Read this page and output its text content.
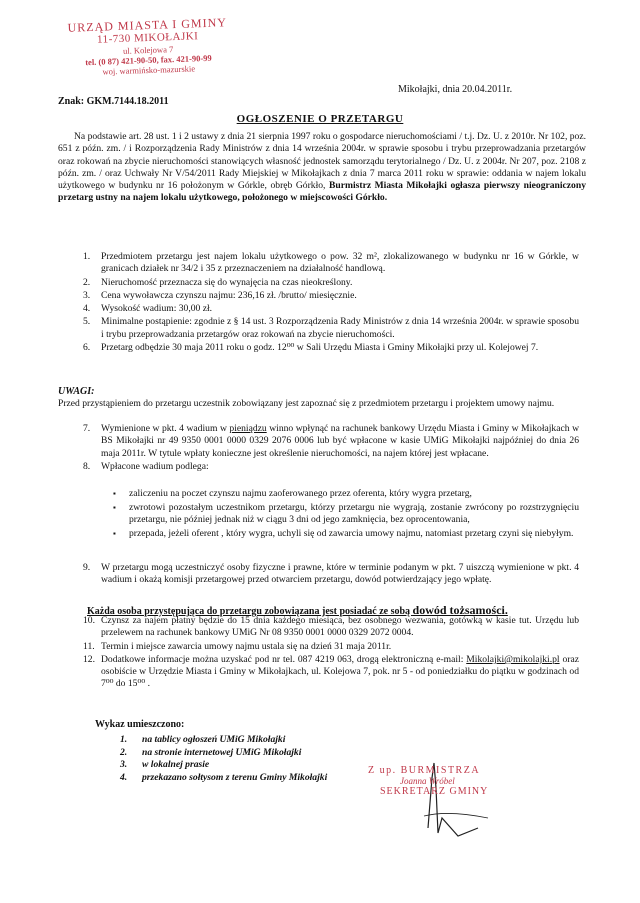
URZĄD MIASTA I GMINY
11-730 MIKOŁAJKI
ul. Kolejowa 7
tel. (0 87) 421-90-50, fax. 421-90-99
woj. warmińsko-mazurskie
Mikołajki, dnia 20.04.2011r.
Znak: GKM.7144.18.2011
OGŁOSZENIE O PRZETARGU
Na podstawie art. 28 ust. 1 i 2 ustawy z dnia 21 sierpnia 1997 roku o gospodarce nieruchomościami / t.j. Dz. U. z 2010r. Nr 102, poz. 651 z późn. zm. / i Rozporządzenia Rady Ministrów z dnia 14 września 2004r. w sprawie sposobu i trybu przeprowadzania przetargów oraz rokowań na zbycie nieruchomości stanowiących własność jednostek samorządu terytorialnego / Dz. U. z 2004r. Nr 207, poz. 2108 z późn. zm. / oraz Uchwały Nr V/54/2011 Rady Miejskiej w Mikołajkach z dnia 7 marca 2011 roku w sprawie: oddania w najem lokalu użytkowego w budynku nr 16 położonym w Górkle, obręb Górkło, Burmistrz Miasta Mikołajki ogłasza pierwszy nieograniczony przetarg ustny na najem lokalu użytkowego, położonego w miejscowości Górkło.
1. Przedmiotem przetargu jest najem lokalu użytkowego o pow. 32 m², zlokalizowanego w budynku nr 16 w Górkle, w granicach działek nr 34/2 i 35 z przeznaczeniem na działalność handlową.
2. Nieruchomość przeznacza się do wynajęcia na czas nieokreślony.
3. Cena wywoławcza czynszu najmu: 236,16 zł. /brutto/ miesięcznie.
4. Wysokość wadium: 30,00 zł.
5. Minimalne postąpienie: zgodnie z § 14 ust. 3 Rozporządzenia Rady Ministrów z dnia 14 września 2004r. w sprawie sposobu i trybu przeprowadzania przetargów oraz rokowań na zbycie nieruchomości.
6. Przetarg odbędzie 30 maja 2011 roku o godz. 12⁰⁰ w Sali Urzędu Miasta i Gminy Mikołajki przy ul. Kolejowej 7.
UWAGI:
Przed przystąpieniem do przetargu uczestnik zobowiązany jest zapoznać się z przedmiotem przetargu i projektem umowy najmu.
7. Wymienione w pkt. 4 wadium w pieniądzu winno wpłynąć na rachunek bankowy Urzędu Miasta i Gminy w Mikołajkach w BS Mikołajki nr 49 9350 0001 0000 0329 2076 0006 lub być wpłacone w kasie UMiG Mikołajki najpóźniej do dnia 26 maja 2011r. W tytule wpłaty konieczne jest określenie nieruchomości, na najem której jest wpłacane.
8. Wpłacone wadium podlega:
▪ zaliczeniu na poczet czynszu najmu zaoferowanego przez oferenta, który wygra przetarg,
▪ zwrotowi pozostałym uczestnikom przetargu, którzy przetargu nie wygrają, zostanie zwrócony po rozstrzygnięciu przetargu, nie później jednak niż w ciągu 3 dni od jego zamknięcia, bez oprocentowania,
▪ przepada, jeżeli oferent , który wygra, uchyli się od zawarcia umowy najmu, natomiast przetarg czyni się niebyłym.
9. W przetargu mogą uczestniczyć osoby fizyczne i prawne, które w terminie podanym w pkt. 7 uiszczą wymienione w pkt. 4 wadium i okażą komisji przetargowej przed otwarciem przetargu, dowód potwierdzający jego wpłatę.
Każda osoba przystępująca do przetargu zobowiązana jest posiadać ze sobą dowód tożsamości.
10. Czynsz za najem płatny będzie do 15 dnia każdego miesiąca, bez osobnego wezwania, gotówką w kasie tut. Urzędu lub przelewem na rachunek bankowy UMiG Nr 08 9350 0001 0000 0329 2072 0004.
11. Termin i miejsce zawarcia umowy najmu ustala się na dzień 31 maja 2011r.
12. Dodatkowe informacje można uzyskać pod nr tel. 087 4219 063, drogą elektroniczną e-mail: Mikolajki@mikolajki.pl oraz osobiście w Urzędzie Miasta i Gminy w Mikołajkach, ul. Kolejowa 7, pok. nr 5 - od poniedziałku do piątku w godzinach od 7⁰⁰ do 15⁰⁰ .
Wykaz umieszczono:
1. na tablicy ogłoszeń UMiG Mikołajki
2. na stronie internetowej UMiG Mikołajki
3. w lokalnej prasie
4. przekazano sołtysom z terenu Gminy Mikołajki
Z up. BURMISTRZA
Joanna Wróbel
SEKRETARZ GMINY
